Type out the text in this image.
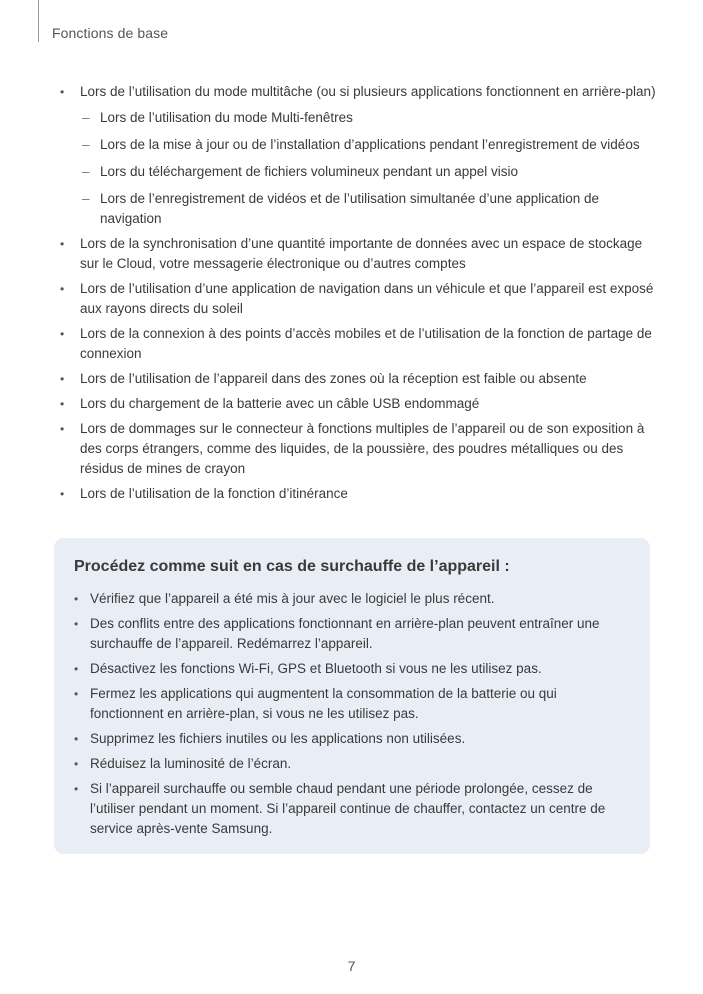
Fonctions de base
• Lors de l’utilisation du mode multitâche (ou si plusieurs applications fonctionnent en arrière-plan)
– Lors de l’utilisation du mode Multi-fenêtres
– Lors de la mise à jour ou de l’installation d’applications pendant l’enregistrement de vidéos
– Lors du téléchargement de fichiers volumineux pendant un appel visio
– Lors de l’enregistrement de vidéos et de l’utilisation simultanée d’une application de navigation
• Lors de la synchronisation d’une quantité importante de données avec un espace de stockage sur le Cloud, votre messagerie électronique ou d’autres comptes
• Lors de l’utilisation d’une application de navigation dans un véhicule et que l’appareil est exposé aux rayons directs du soleil
• Lors de la connexion à des points d’accès mobiles et de l’utilisation de la fonction de partage de connexion
• Lors de l’utilisation de l’appareil dans des zones où la réception est faible ou absente
• Lors du chargement de la batterie avec un câble USB endommagé
• Lors de dommages sur le connecteur à fonctions multiples de l’appareil ou de son exposition à des corps étrangers, comme des liquides, de la poussière, des poudres métalliques ou des résidus de mines de crayon
• Lors de l’utilisation de la fonction d’itinérance
Procédez comme suit en cas de surchauffe de l’appareil :
• Vérifiez que l’appareil a été mis à jour avec le logiciel le plus récent.
• Des conflits entre des applications fonctionnant en arrière-plan peuvent entraîner une surchauffe de l’appareil. Redémarrez l’appareil.
• Désactivez les fonctions Wi-Fi, GPS et Bluetooth si vous ne les utilisez pas.
• Fermez les applications qui augmentent la consommation de la batterie ou qui fonctionnent en arrière-plan, si vous ne les utilisez pas.
• Supprimez les fichiers inutiles ou les applications non utilisées.
• Réduisez la luminosité de l’écran.
• Si l’appareil surchauffe ou semble chaud pendant une période prolongée, cessez de l’utiliser pendant un moment. Si l’appareil continue de chauffer, contactez un centre de service après-vente Samsung.
7
